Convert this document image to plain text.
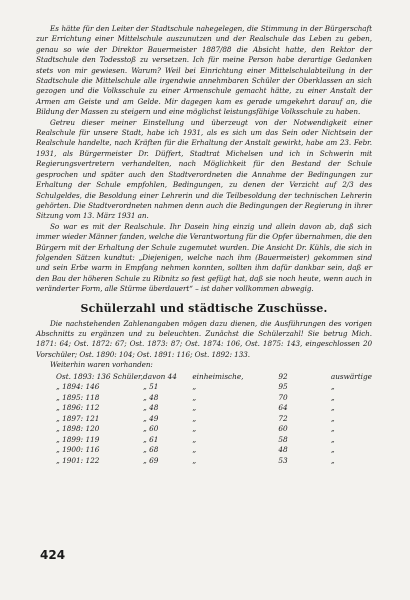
Es hätte für den Leiter der Stadtschule nahegelegen, die Stimmung in der Bürgerschaft zur Errichtung einer Mittelschule auszunutzen und der Realschule das Leben zu geben, genau so wie der Direktor Bauermeister 1887/88 die Absicht hatte, den Rektor der Stadtschule den Todesstoß zu versetzen. Ich für meine Person habe derartige Gedanken stets von mir gewiesen. Warum? Weil bei Einrichtung einer Mittelschulabteilung in der Stadtschule die Mittelschule alle irgendwie annehmbaren Schüler der Oberklassen an sich gezogen und die Volksschule zu einer Armenschule gemacht hätte, zu einer Anstalt der Armen am Geiste und am Gelde. Mir dagegen kam es gerade umgekehrt darauf an, die Bildung der Massen zu steigern und eine möglichst leistungsfähige Volksschule zu haben.

Getreu dieser meiner Einstellung und überzeugt von der Notwendigkeit einer Realschule für unsere Stadt, habe ich 1931, als es sich um das Sein oder Nichtsein der Realschule handelte, nach Kräften für die Erhaltung der Anstalt gewirkt, habe am 23. Febr. 1931, als Bürgermeister Dr. Düffert, Stadtrat Michelsen und ich in Schwerin mit Regierungsvertretern verhandelten, nach Möglichkeit für den Bestand der Schule gesprochen und später auch den Stadtverordneten die Annahme der Bedingungen zur Erhaltung der Schule empfohlen, Bedingungen, zu denen der Verzicht auf 2/3 des Schulgeldes, die Besoldung einer Lehrerin und die Teilbesoldung der technischen Lehrerin gehörten. Die Stadtverordneten nahmen denn auch die Bedingungen der Regierung in ihrer Sitzung vom 13. März 1931 an.

So war es mit der Realschule. Ihr Dasein hing einzig und allein davon ab, daß sich immer wieder Männer fanden, welche die Verantwortung für die Opfer übernahmen, die den Bürgern mit der Erhaltung der Schule zugemutet wurden. Die Ansicht Dr. Kühls, die sich in folgenden Sätzen kundtut: „Diejenigen, welche nach ihm (Bauermeister) gekommen sind und sein Erbe warm in Empfang nehmen konnten, sollten ihm dafür dankbar sein, daß er den Bau der höheren Schule zu Ribnitz so fest gefügt hat, daß sie noch heute, wenn auch in veränderter Form, alle Stürme überdauert“ – ist daher vollkommen abwegig.

Schülerzahl und städtische Zuschüsse.

Die nachstehenden Zahlenangaben mögen dazu dienen, die Ausführungen des vorigen Abschnitts zu ergänzen und zu beleuchten. Zunächst die Schülerzahl! Sie betrug Mich. 1871: 64; Ost. 1872: 67; Ost. 1873: 87; Ost. 1874: 106, Ost. 1875: 143, eingeschlossen 20 Vorschüler; Ost. 1890: 104; Ost. 1891: 116; Ost. 1892: 133.

Weiterhin waren vorhanden:

Ost. 1893: 136 Schüler,	davon 44	einheimische,	92	auswärtige
„ 1894: 146	„ 51	„	95	„
„ 1895: 118	„ 48	„	70	„
„ 1896: 112	„ 48	„	64	„
„ 1897: 121	„ 49	„	72	„
„ 1898: 120	„ 60	„	60	„
„ 1899: 119	„ 61	„	58	„
„ 1900: 116	„ 68	„	48	„
„ 1901: 122	„ 69	„	53	„
424
